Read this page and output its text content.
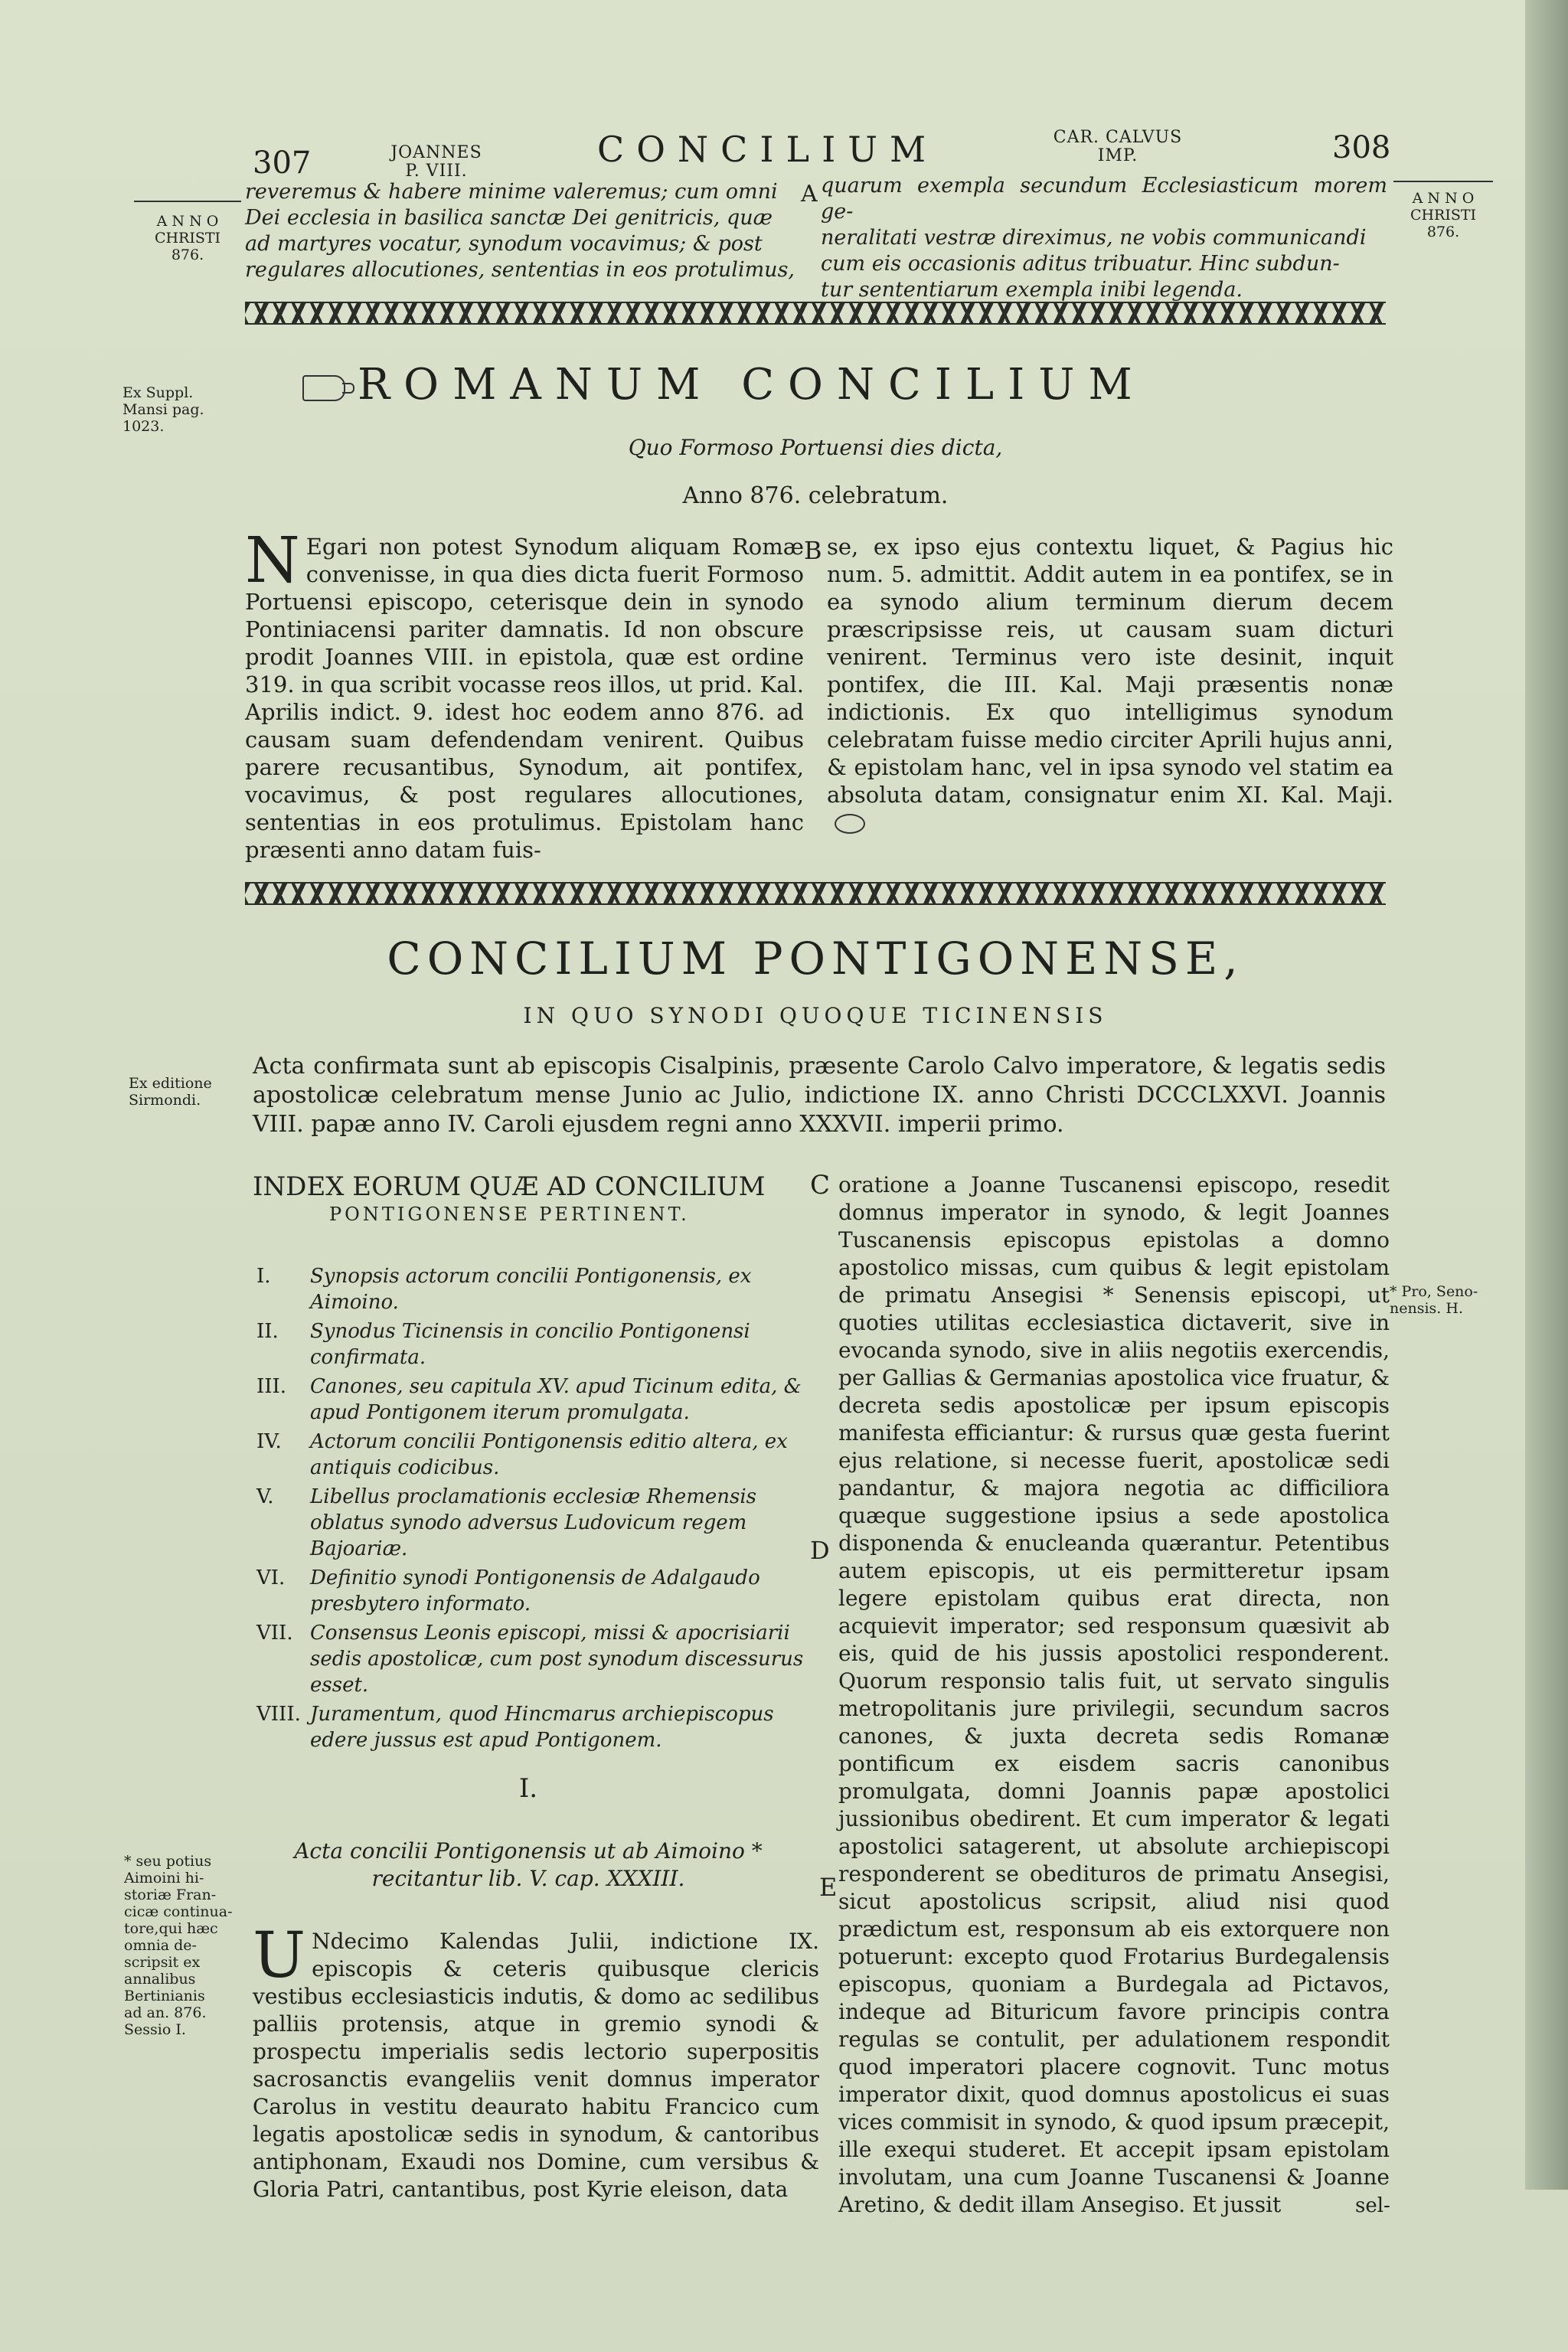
307	JOANNES
P. VIII.
CONCILIUM	CAR. CALVUS
IMP.	308
A N N O
CHRISTI
876.
Ex Suppl.
Mansi pag.
1023.
Ex editione
Sirmondi.
* seu potius
Aimoini hi-
storiæ Fran-
cicæ continua-
tore,qui hæc
omnia de-
scripsit ex
annalibus
Bertinianis
ad an. 876.
Sessio I.
A N N O
CHRISTI
876.
* Pro, Seno-
nensis. H.
reveremus & habere minime valeremus; cum omni
Dei ecclesia in basilica sanctæ Dei genitricis, quæ
ad martyres vocatur, synodum vocavimus; & post
regulares allocutiones, sententias in eos protulimus,
A quarum exempla secundum Ecclesiasticum morem ge-
neralitati vestræ direximus, ne vobis communicandi
cum eis occasionis aditus tribuatur. Hinc subdun-
tur sententiarum exempla inibi legenda.
ROMANUM CONCILIUM
Quo Formoso Portuensi dies dicta,
Anno 876. celebratum.
N Egari non potest Synodum aliquam Romæ convenisse, in qua dies dicta fuerit Formoso Portuensi episcopo, ceterisque dein in synodo Pontiniacensi pariter damnatis. Id non obscure prodit Joannes VIII. in epistola, quæ est ordine 319. in qua scribit vocasse reos illos, ut prid. Kal. Aprilis indict. 9. idest hoc eodem anno 876. ad causam suam defendendam venirent. Quibus parere recusantibus, Synodum, ait pontifex, vocavimus, & post regulares allocutiones, sententias in eos protulimus. Epistolam hanc præsenti anno datam fuis-
B se, ex ipso ejus contextu liquet, & Pagius hic num. 5. admittit. Addit autem in ea pontifex, se in ea synodo alium terminum dierum decem præscripsisse reis, ut causam suam dicturi venirent. Terminus vero iste desinit, inquit pontifex, die III. Kal. Maji præsentis nonæ indictionis. Ex quo intelligimus synodum celebratam fuisse medio circiter Aprili hujus anni, & epistolam hanc, vel in ipsa synodo vel statim ea absoluta datam, consignatur enim XI. Kal. Maji.
CONCILIUM PONTIGONENSE,
IN QUO SYNODI QUOQUE TICINENSIS
Acta confirmata sunt ab episcopis Cisalpinis, præsente Carolo Calvo imperatore, & legatis sedis apostolicæ celebratum mense Junio ac Julio, indictione IX. anno Christi DCCCLXXVI. Joannis VIII. papæ anno IV. Caroli ejusdem regni anno XXXVII. imperii primo.
INDEX EORUM QUÆ AD CONCILIUM
PONTIGONENSE PERTINENT.
C
I. Synopsis actorum concilii Pontigonensis, ex Aimoino.
II. Synodus Ticinensis in concilio Pontigonensi confirmata.
III. Canones, seu capitula XV. apud Ticinum edita, & apud Pontigonem iterum promulgata.
IV. Actorum concilii Pontigonensis editio altera, ex antiquis codicibus.
V. Libellus proclamationis ecclesiæ Rhemensis oblatus synodo adversus Ludovicum regem Bajoariæ.
VI. Definitio synodi Pontigonensis de Adalgaudo presbytero informato.
VII. Consensus Leonis episcopi, missi & apocrisiarii sedis apostolicæ, cum post synodum discessurus esset.
VIII. Juramentum, quod Hincmarus archiepiscopus edere jussus est apud Pontigonem.
D
I.
Acta concilii Pontigonensis ut ab Aimoino * recitantur lib. V. cap. XXXIII.
U Ndecimo Kalendas Julii, indictione IX. episcopis & ceteris quibusque clericis vestibus ecclesiasticis indutis, & domo ac sedilibus palliis protensis, atque in gremio synodi & prospectu imperialis sedis lectorio superpositis sacrosanctis evangeliis venit domnus imperator Carolus in vestitu deaurato habitu Francico cum legatis apostolicæ sedis in synodum, & cantoribus antiphonam, Exaudi nos Domine, cum versibus & Gloria Patri, cantantibus, post Kyrie eleison, data
E
oratione a Joanne Tuscanensi episcopo, resedit domnus imperator in synodo, & legit Joannes Tuscanensis episcopus epistolas a domno apostolico missas, cum quibus & legit epistolam de primatu Ansegisi * Senensis episcopi, ut quoties utilitas ecclesiastica dictaverit, sive in evocanda synodo, sive in aliis negotiis exercendis, per Gallias & Germanias apostolica vice fruatur, & decreta sedis apostolicæ per ipsum episcopis manifesta efficiantur: & rursus quæ gesta fuerint ejus relatione, si necesse fuerit, apostolicæ sedi pandantur, & majora negotia ac difficiliora quæque suggestione ipsius a sede apostolica disponenda & enucleanda quærantur. Petentibus autem episcopis, ut eis permitteretur ipsam legere epistolam quibus erat directa, non acquievit imperator; sed responsum quæsivit ab eis, quid de his jussis apostolici responderent. Quorum responsio talis fuit, ut servato singulis metropolitanis jure privilegii, secundum sacros canones, & juxta decreta sedis Romanæ pontificum ex eisdem sacris canonibus promulgata, domni Joannis papæ apostolici jussionibus obedirent. Et cum imperator & legati apostolici satagerent, ut absolute archiepiscopi responderent se obedituros de primatu Ansegisi, sicut apostolicus scripsit, aliud nisi quod prædictum est, responsum ab eis extorquere non potuerunt: excepto quod Frotarius Burdegalensis episcopus, quoniam a Burdegala ad Pictavos, indeque ad Bituricum favore principis contra regulas se contulit, per adulationem respondit quod imperatori placere cognovit. Tunc motus imperator dixit, quod domnus apostolicus ei suas vices commisit in synodo, & quod ipsum præcepit, ille exequi studeret. Et accepit ipsam epistolam involutam, una cum Joanne Tuscanensi & Joanne Aretino, & dedit illam Ansegiso. Et jussit	sel-
